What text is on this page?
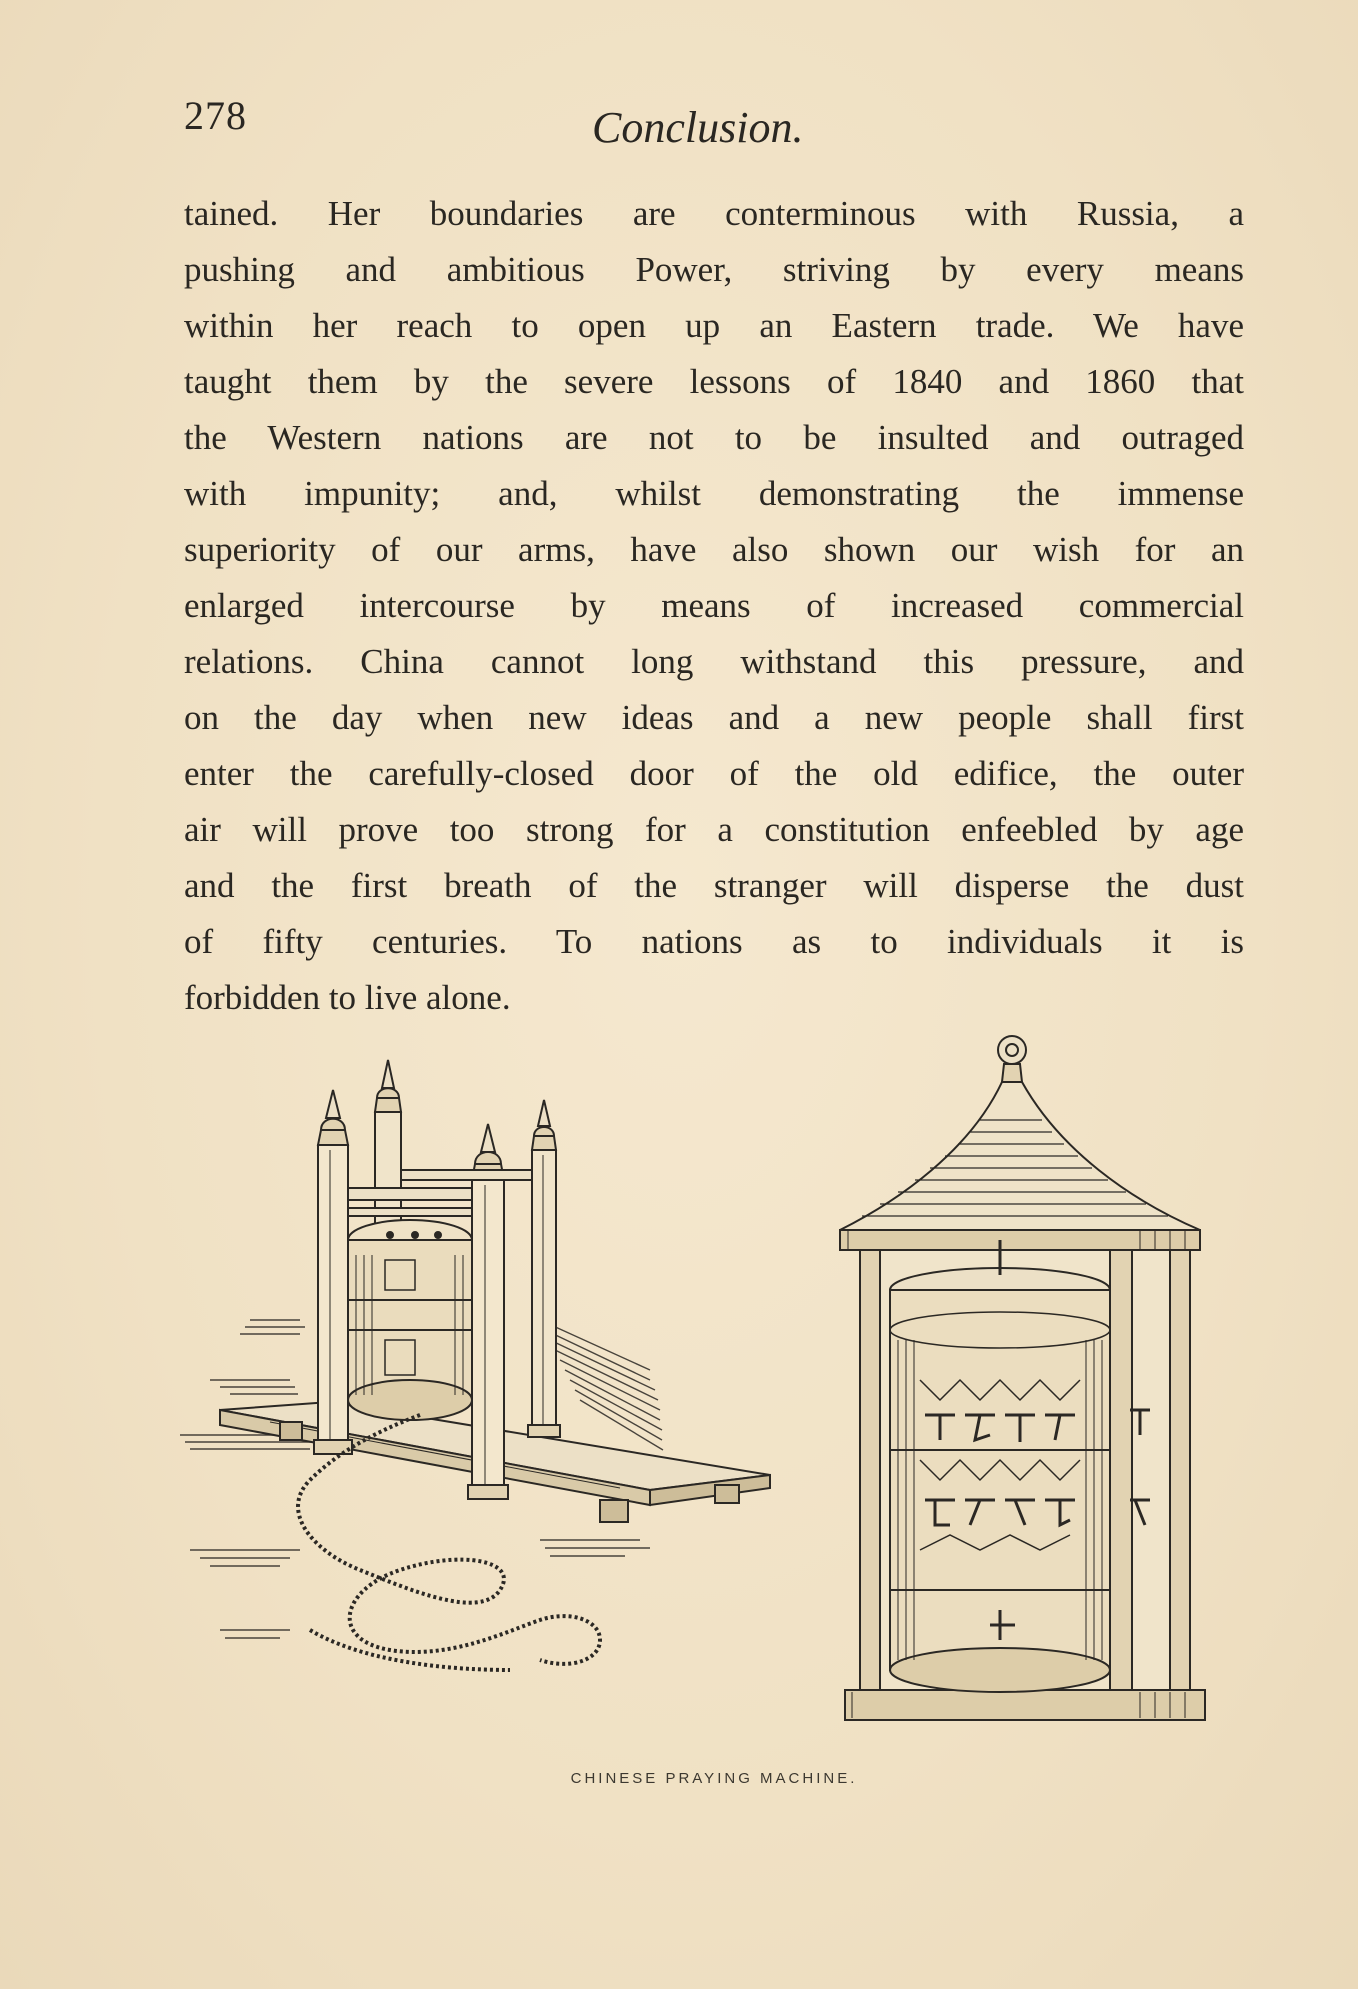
278	Conclusion.
tained. Her boundaries are conterminous with Russia, a
pushing and ambitious Power, striving by every means
within her reach to open up an Eastern trade. We have
taught them by the severe lessons of 1840 and 1860 that
the Western nations are not to be insulted and outraged
with impunity; and, whilst demonstrating the immense
superiority of our arms, have also shown our wish for an
enlarged intercourse by means of increased commercial
relations. China cannot long withstand this pressure, and
on the day when new ideas and a new people shall first
enter the carefully-closed door of the old edifice, the outer
air will prove too strong for a constitution enfeebled by age
and the first breath of the stranger will disperse the dust
of fifty centuries. To nations as to individuals it is
forbidden to live alone.
CHINESE PRAYING MACHINE.
